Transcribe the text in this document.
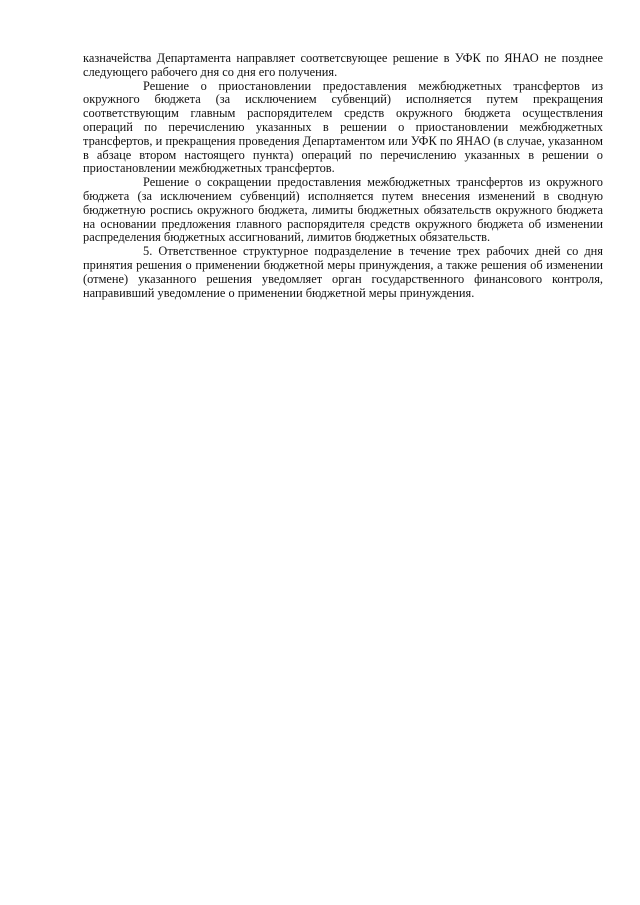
казначейства Департамента направляет соответсвующее решение в УФК по ЯНАО не позднее следующего рабочего дня со дня его получения.

Решение о приостановлении предоставления межбюджетных трансфертов из окружного бюджета (за исключением субвенций) исполняется путем прекращения соответствующим главным распорядителем средств окружного бюджета осуществления операций по перечислению указанных в решении о приостановлении межбюджетных трансфертов, и прекращения проведения Департаментом или УФК по ЯНАО (в случае, указанном в абзаце втором настоящего пункта) операций по перечислению указанных в решении о приостановлении межбюджетных трансфертов.

Решение о сокращении предоставления межбюджетных трансфертов из окружного бюджета (за исключением субвенций) исполняется путем внесения изменений в сводную бюджетную роспись окружного бюджета, лимиты бюджетных обязательств окружного бюджета на основании предложения главного распорядителя средств окружного бюджета об изменении распределения бюджетных ассигнований, лимитов бюджетных обязательств.

5. Ответственное структурное подразделение в течение трех рабочих дней со дня принятия решения о применении бюджетной меры принуждения, а также решения об изменении (отмене) указанного решения уведомляет орган государственного финансового контроля, направивший уведомление о применении бюджетной меры принуждения.
